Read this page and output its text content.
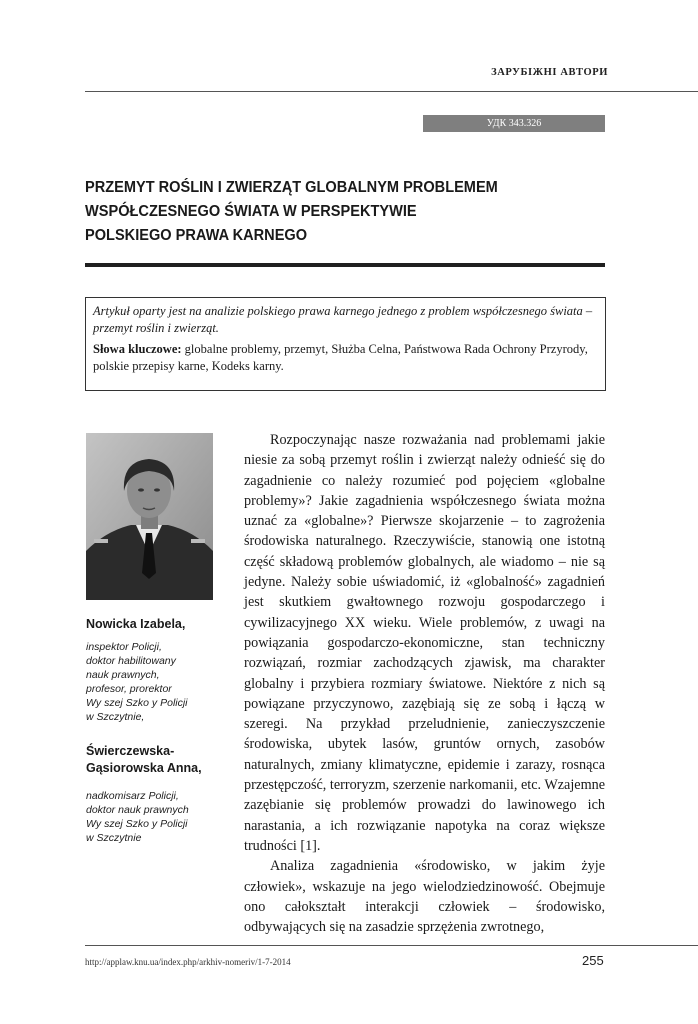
ЗАРУБІЖНІ АВТОРИ
УДК 343.326
PRZEMYT ROŚLIN I ZWIERZĄT GLOBALNYM PROBLEMEM
WSPÓŁCZESNEGO ŚWIATA W PERSPEKTYWIE
POLSKIEGO PRAWA KARNEGO

Artykuł oparty jest na analizie polskiego prawa karnego jednego z problem współczesnego świata – przemyt roślin i zwierząt.

Słowa kluczowe: globalne problemy, przemyt, Służba Celna, Państwowa Rada Ochrony Przyrody, polskie przepisy karne, Kodeks karny.

Nowicka Izabela,

inspektor Policji,
doktor habilitowany
nauk prawnych,
profesor, prorektor
Wy szej Szko y Policji
w Szczytnie,
Świerczewska-
Gąsiorowska Anna,
nadkomisarz Policji,
doktor nauk prawnych
Wy szej Szko y Policji
w Szczytnie

Rozpoczynając nasze rozważania nad problemami jakie niesie za sobą przemyt roślin i zwierząt należy odnieść się do zagadnienie co należy rozumieć pod pojęciem «globalne problemy»? Jakie zagadnienia współczesnego świata można uznać za «globalne»? Pierwsze skojarzenie – to zagrożenia środowiska naturalnego. Rzeczywiście, stanowią one istotną część składową problemów globalnych, ale wiadomo – nie są jedyne. Należy sobie uświadomić, iż «globalność» zagadnień jest skutkiem gwałtownego rozwoju gospodarczego i cywilizacyjnego XX wieku. Wiele problemów, z uwagi na powiązania gospodarczo-ekonomiczne, stan techniczny rozwiązań, rozmiar zachodzących zjawisk, ma charakter globalny i przybiera rozmiary światowe. Niektóre z nich są powiązane przyczynowo, zazębiają się ze sobą i łączą w szeregi. Na przykład przeludnienie, zanieczyszczenie środowiska, ubytek lasów, gruntów ornych, zasobów naturalnych, zmiany klimatyczne, epidemie i zarazy, rosnąca przestępczość, terroryzm, szerzenie narkomanii, etc. Wzajemne zazębianie się problemów prowadzi do lawinowego ich narastania, a ich rozwiązanie napotyka na coraz większe trudności [1].

Analiza zagadnienia «środowisko, w jakim żyje człowiek», wskazuje na jego wielodziedzinowość. Obejmuje ono całokształt interakcji człowiek – środowisko, odbywających się na zasadzie sprzężenia zwrotnego,

http://applaw.knu.ua/index.php/arkhiv-nomeriv/1-7-2014	255
